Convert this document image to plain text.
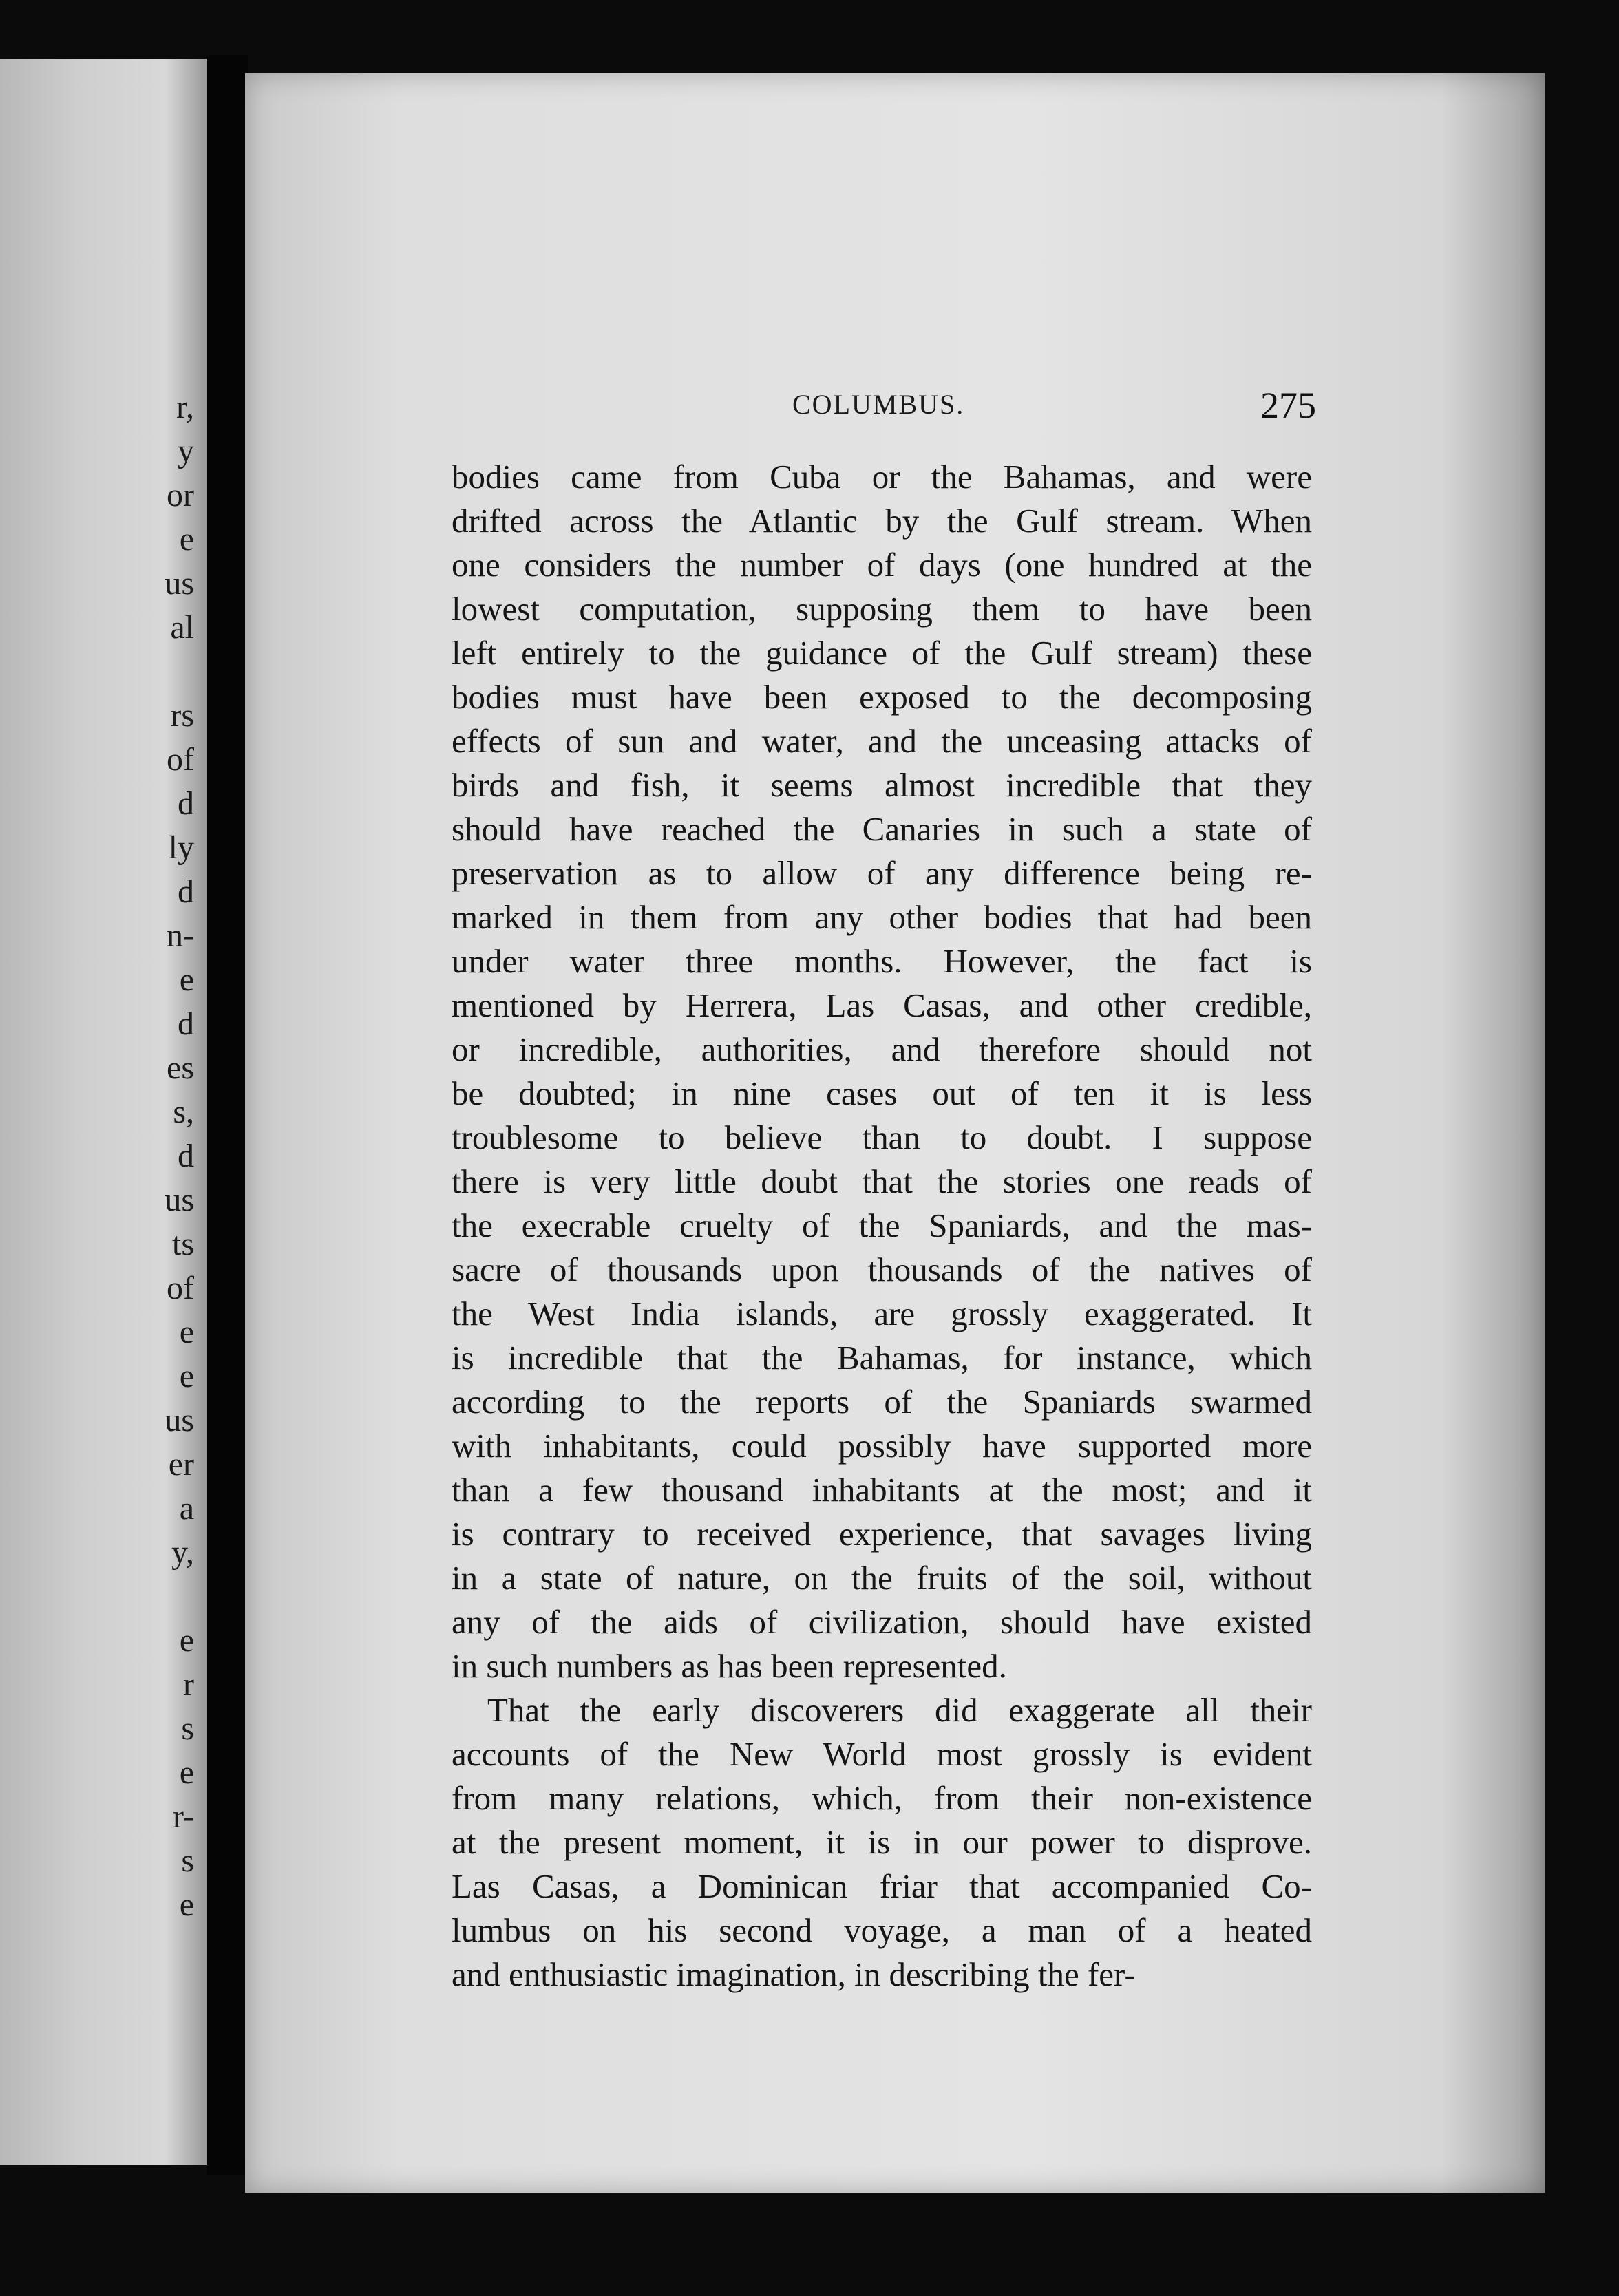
r,
y
or
e
us
al
rs
of
d
ly
d
n-
e
d
es
s,
d
us
ts
of
e
e
us
er
a
y,
e
r
s
e
r-
s
e
COLUMBUS.	275
bodies came from Cuba or the Bahamas, and were
drifted across the Atlantic by the Gulf stream. When
one considers the number of days (one hundred at the
lowest computation, supposing them to have been
left entirely to the guidance of the Gulf stream) these
bodies must have been exposed to the decomposing
effects of sun and water, and the unceasing attacks of
birds and fish, it seems almost incredible that they
should have reached the Canaries in such a state of
preservation as to allow of any difference being re-
marked in them from any other bodies that had been
under water three months. However, the fact is
mentioned by Herrera, Las Casas, and other credible,
or incredible, authorities, and therefore should not
be doubted; in nine cases out of ten it is less
troublesome to believe than to doubt. I suppose
there is very little doubt that the stories one reads of
the execrable cruelty of the Spaniards, and the mas-
sacre of thousands upon thousands of the natives of
the West India islands, are grossly exaggerated. It
is incredible that the Bahamas, for instance, which
according to the reports of the Spaniards swarmed
with inhabitants, could possibly have supported more
than a few thousand inhabitants at the most; and it
is contrary to received experience, that savages living
in a state of nature, on the fruits of the soil, without
any of the aids of civilization, should have existed
in such numbers as has been represented.
That the early discoverers did exaggerate all their
accounts of the New World most grossly is evident
from many relations, which, from their non-existence
at the present moment, it is in our power to disprove.
Las Casas, a Dominican friar that accompanied Co-
lumbus on his second voyage, a man of a heated
and enthusiastic imagination, in describing the fer-
